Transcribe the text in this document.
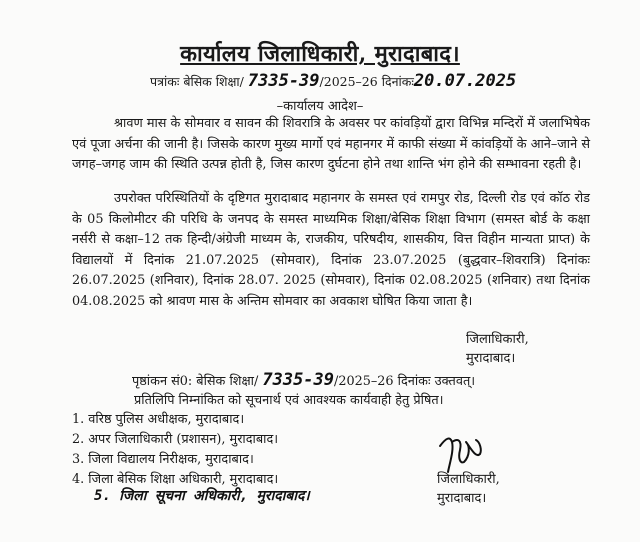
कार्यालय जिलाधिकारी, मुरादाबाद।
पत्रांकः बेसिक शिक्षा/ 7335-39/2025–26 दिनांकः20.07.2025
–कार्यालय आदेश–

श्रावण मास के सोमवार व सावन की शिवरात्रि के अवसर पर कांवड़ियों द्वारा विभिन्न मन्दिरों में जलाभिषेक एवं पूजा अर्चना की जानी है। जिसके कारण मुख्य मार्गो एवं महानगर में काफी संख्या में कांवड़ियों के आने–जाने से जगह–जगह जाम की स्थिति उत्पन्न होती है, जिस कारण दुर्घटना होने तथा शान्ति भंग होने की सम्भावना रहती है।

उपरोक्त परिस्थितियों के दृष्टिगत मुरादाबाद महानगर के समस्त एवं रामपुर रोड, दिल्ली रोड एवं कॉठ रोड के 05 किलोमीटर की परिधि के जनपद के समस्त माध्यमिक शिक्षा/बेसिक शिक्षा विभाग (समस्त बोर्ड के कक्षा नर्सरी से कक्षा–12 तक हिन्दी/अंग्रेजी माध्यम के, राजकीय, परिषदीय, शासकीय, वित्त विहीन मान्यता प्राप्त) के विद्यालयों में दिनांक 21.07.2025 (सोमवार), दिनांक 23.07.2025 (बुद्धवार–शिवरात्रि) दिनांकः 26.07.2025 (शनिवार), दिनांक 28.07. 2025 (सोमवार), दिनांक 02.08.2025 (शनिवार) तथा दिनांक 04.08.2025 को श्रावण मास के अन्तिम सोमवार का अवकाश घोषित किया जाता है।

जिलाधिकारी,
मुरादाबाद।
पृष्ठांकन सं0: बेसिक शिक्षा/ 7335-39/2025–26 दिनांकः उक्तवत्।
प्रतिलिपि निम्नांकित को सूचनार्थ एवं आवश्यक कार्यवाही हेतु प्रेषित।
1. वरिष्ठ पुलिस अधीक्षक, मुरादाबाद।
2. अपर जिलाधिकारी (प्रशासन), मुरादाबाद।
3. जिला विद्यालय निरीक्षक, मुरादाबाद।
4. जिला बेसिक शिक्षा अधिकारी, मुरादाबाद।
5. जिला सूचना अधिकारी, मुरादाबाद।
जिलाधिकारी,
मुरादाबाद।
